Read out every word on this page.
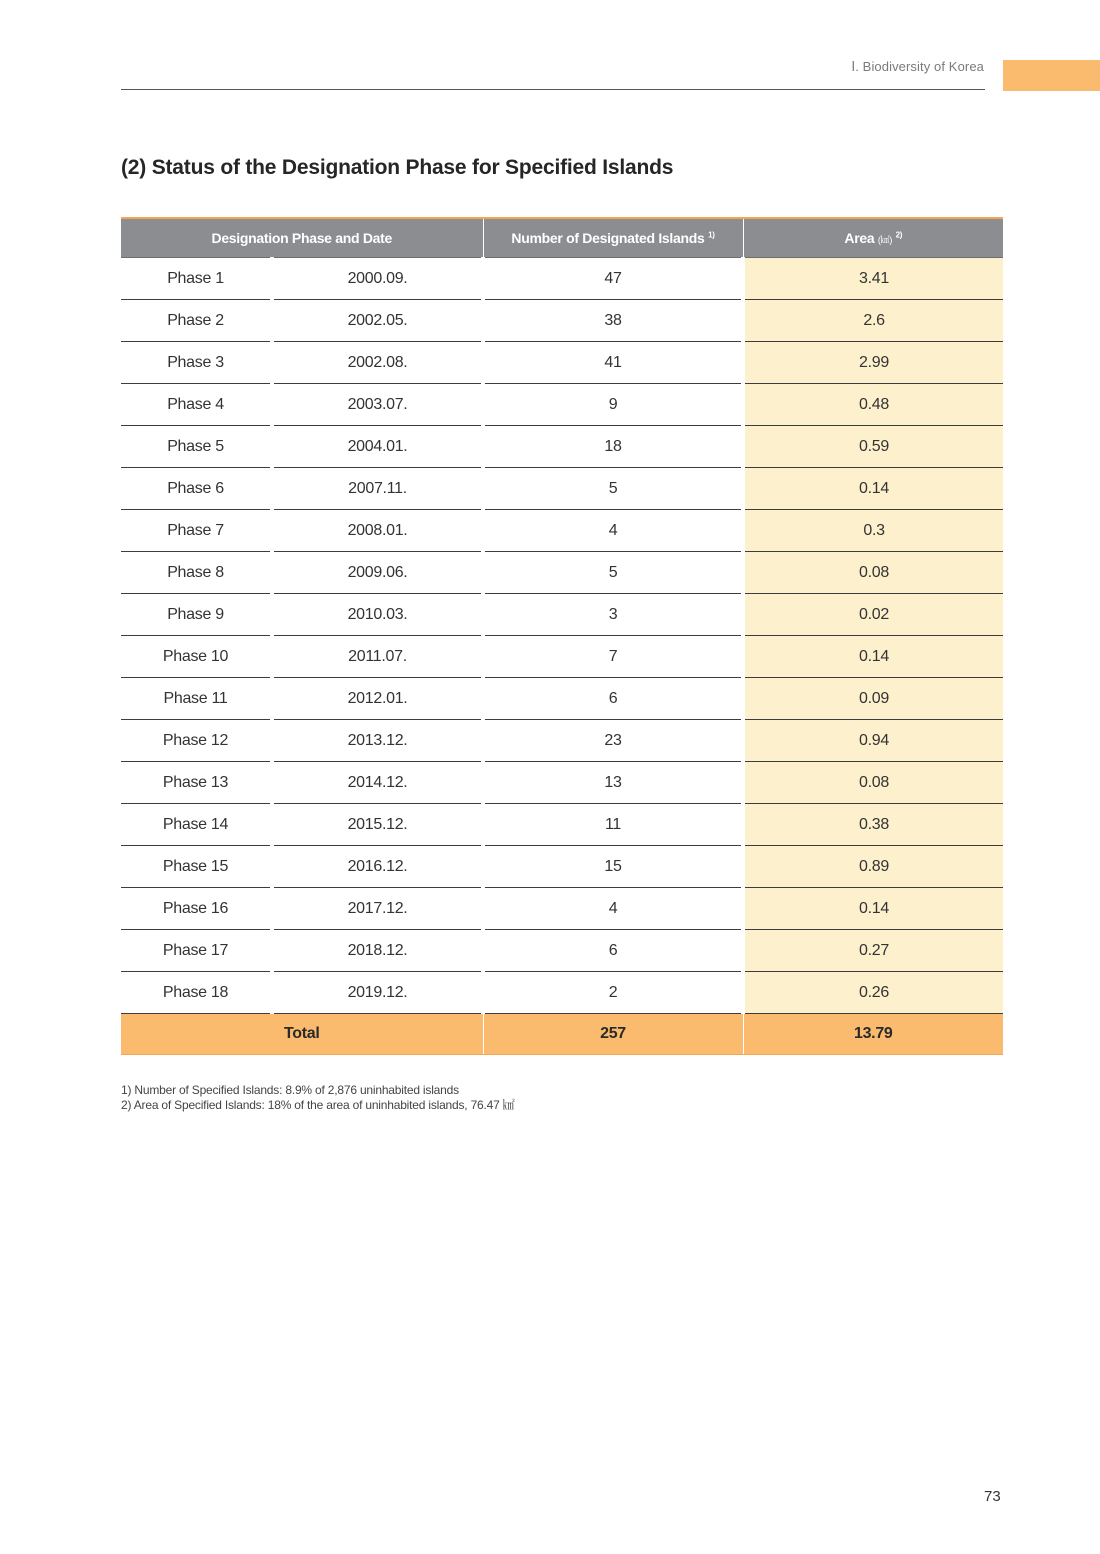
Ⅰ. Biodiversity of Korea
(2) Status of the Designation Phase for Specified Islands
Designation Phase and Date		Number of Designated Islands $^{1)}$	Area (㎢) $^{2)}$
Phase 1	2000.09.	47	3.41
Phase 2	2002.05.	38	2.6
Phase 3	2002.08.	41	2.99
Phase 4	2003.07.	9	0.48
Phase 5	2004.01.	18	0.59
Phase 6	2007.11.	5	0.14
Phase 7	2008.01.	4	0.3
Phase 8	2009.06.	5	0.08
Phase 9	2010.03.	3	0.02
Phase 10	2011.07.	7	0.14
Phase 11	2012.01.	6	0.09
Phase 12	2013.12.	23	0.94
Phase 13	2014.12.	13	0.08
Phase 14	2015.12.	11	0.38
Phase 15	2016.12.	15	0.89
Phase 16	2017.12.	4	0.14
Phase 17	2018.12.	6	0.27
Phase 18	2019.12.	2	0.26
Total		257	13.79
1) Number of Specified Islands: 8.9% of 2,876 uninhabited islands
2) Area of Specified Islands: 18% of the area of uninhabited islands, 76.47 ㎢
73
